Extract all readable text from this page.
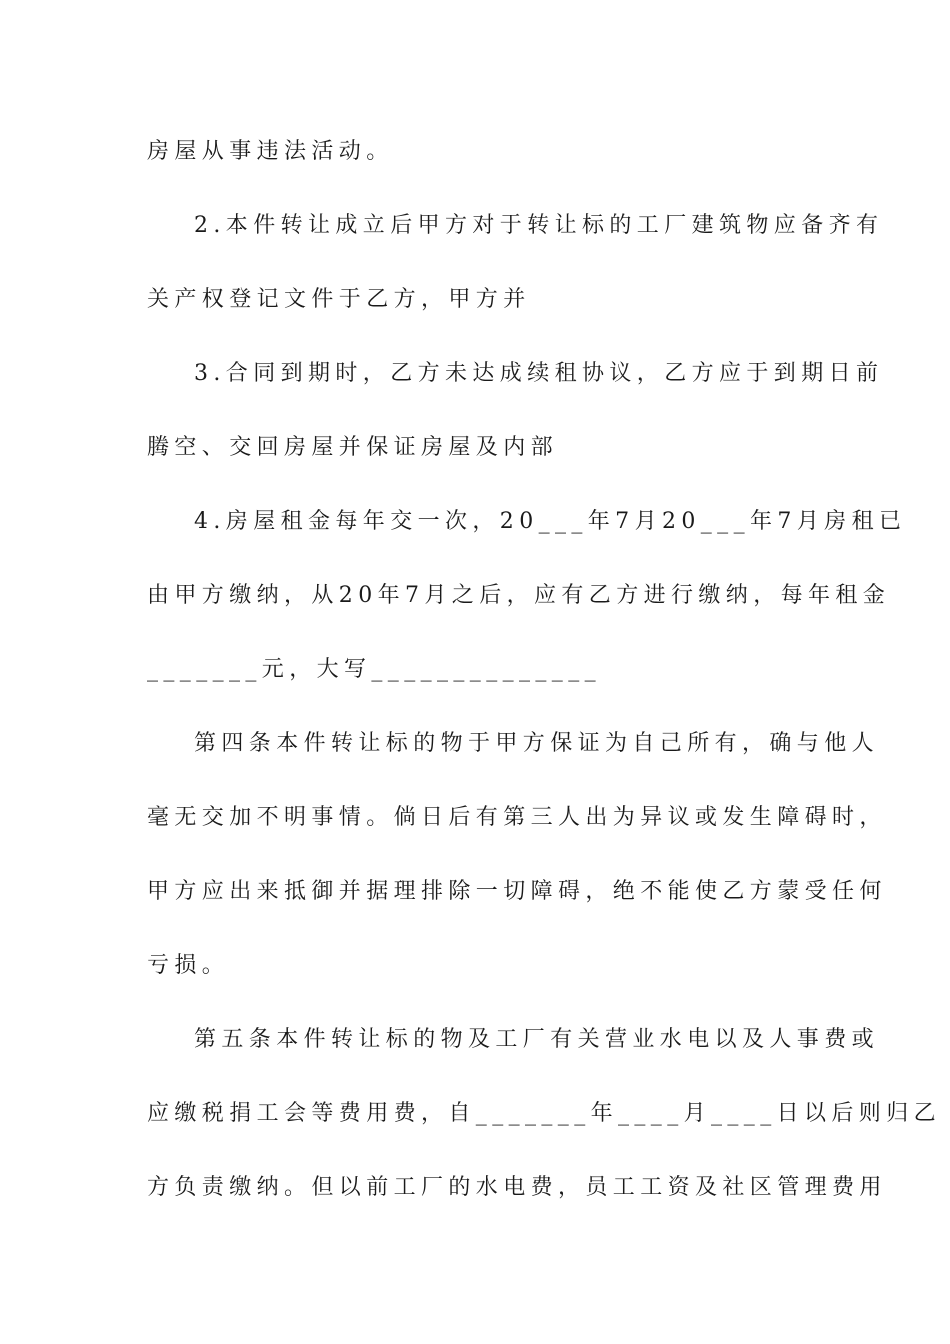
房屋从事违法活动。
2.本件转让成立后甲方对于转让标的工厂建筑物应备齐有
关产权登记文件于乙方，甲方并
3.合同到期时，乙方未达成续租协议，乙方应于到期日前
腾空、交回房屋并保证房屋及内部
4.房屋租金每年交一次，20___年7月20___年7月房租已
由甲方缴纳，从20年7月之后，应有乙方进行缴纳，每年租金
_______元，大写______________
第四条本件转让标的物于甲方保证为自己所有，确与他人
毫无交加不明事情。倘日后有第三人出为异议或发生障碍时，
甲方应出来抵御并据理排除一切障碍，绝不能使乙方蒙受任何
亏损。
第五条本件转让标的物及工厂有关营业水电以及人事费或
应缴税捐工会等费用费，自_______年____月____日以后则归乙
方负责缴纳。但以前工厂的水电费，员工工资及社区管理费用
